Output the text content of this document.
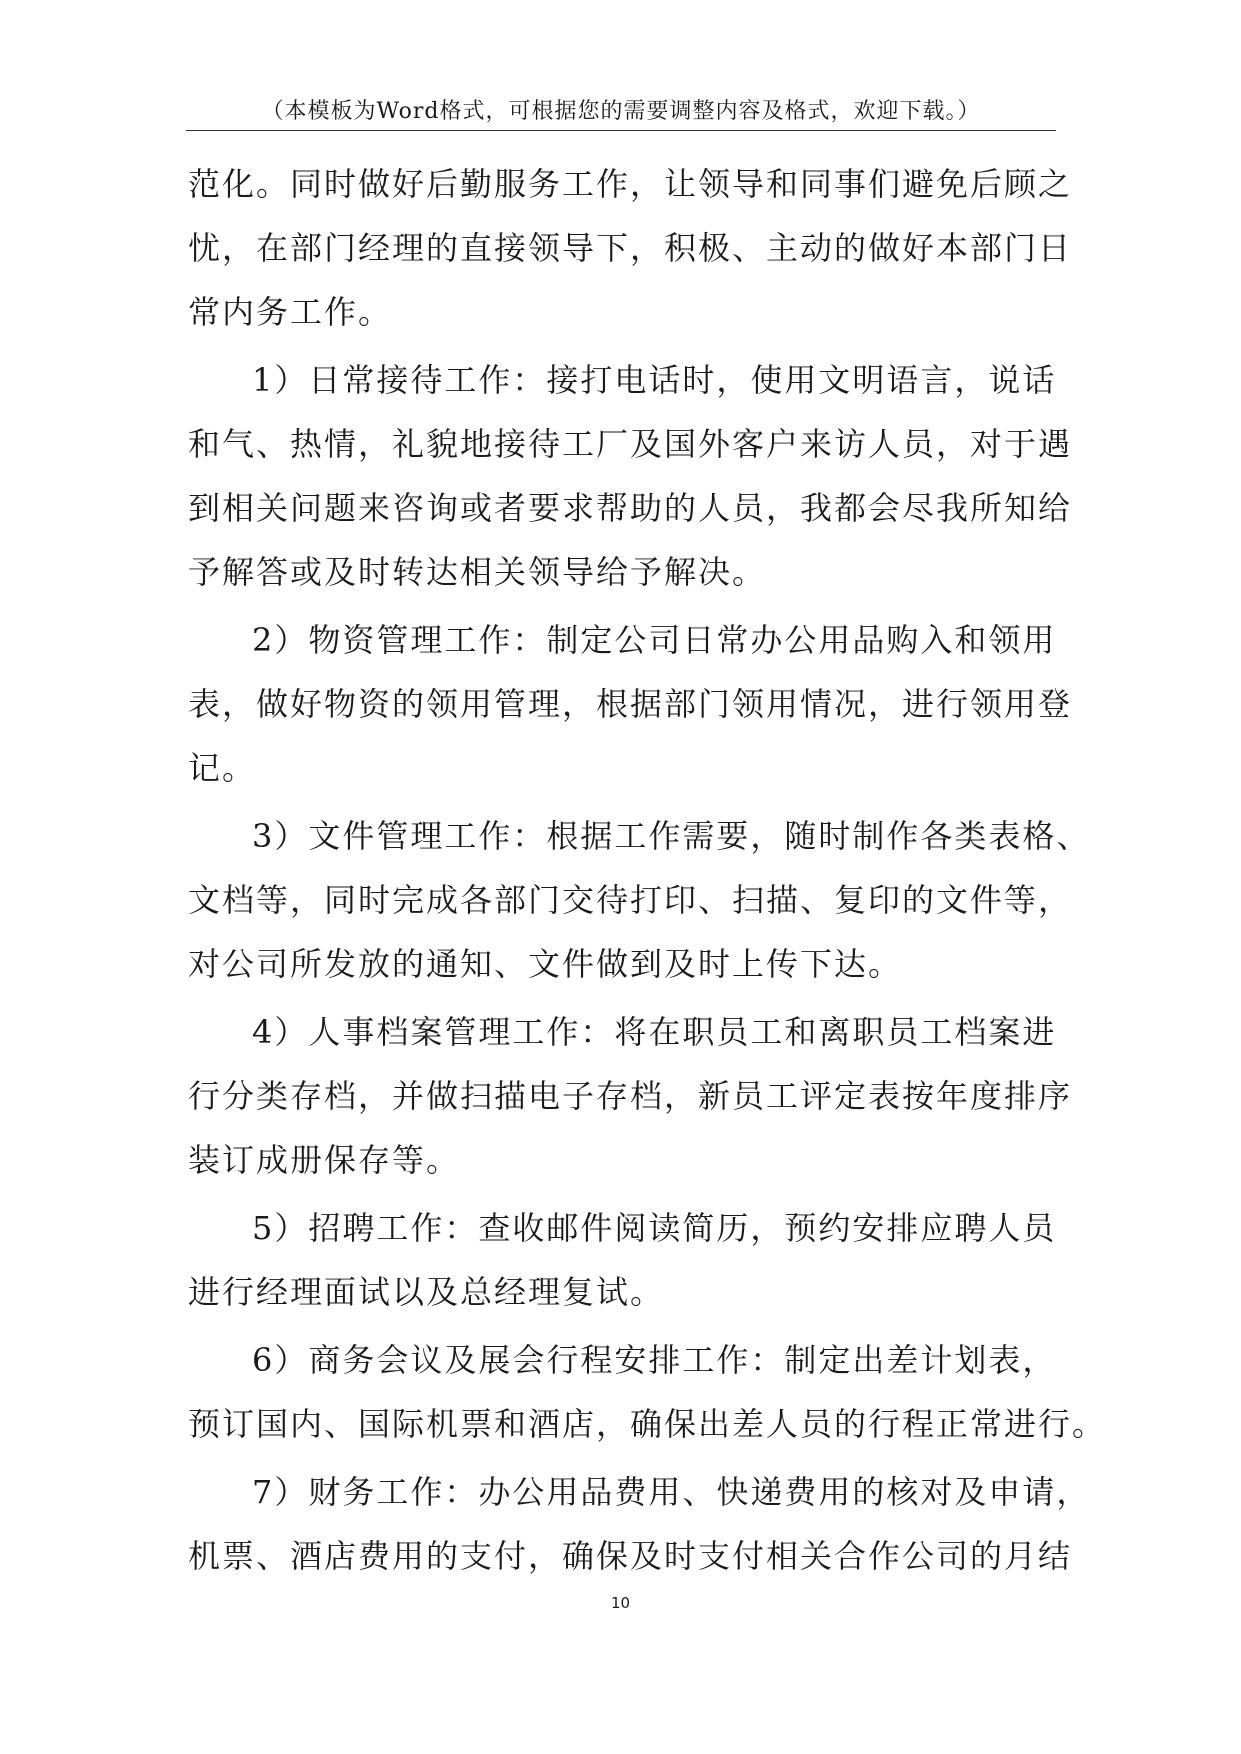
（本模板为Word格式，可根据您的需要调整内容及格式，欢迎下载。）
范化。同时做好后勤服务工作，让领导和同事们避免后顾之
忧，在部门经理的直接领导下，积极、主动的做好本部门日
常内务工作。
1）日常接待工作：接打电话时，使用文明语言，说话
和气、热情，礼貌地接待工厂及国外客户来访人员，对于遇
到相关问题来咨询或者要求帮助的人员，我都会尽我所知给
予解答或及时转达相关领导给予解决。
2）物资管理工作：制定公司日常办公用品购入和领用
表，做好物资的领用管理，根据部门领用情况，进行领用登
记。
3）文件管理工作：根据工作需要，随时制作各类表格、
文档等，同时完成各部门交待打印、扫描、复印的文件等，
对公司所发放的通知、文件做到及时上传下达。
4）人事档案管理工作：将在职员工和离职员工档案进
行分类存档，并做扫描电子存档，新员工评定表按年度排序
装订成册保存等。
5）招聘工作：查收邮件阅读简历，预约安排应聘人员
进行经理面试以及总经理复试。
6）商务会议及展会行程安排工作：制定出差计划表，
预订国内、国际机票和酒店，确保出差人员的行程正常进行。
7）财务工作：办公用品费用、快递费用的核对及申请，
机票、酒店费用的支付，确保及时支付相关合作公司的月结
10
